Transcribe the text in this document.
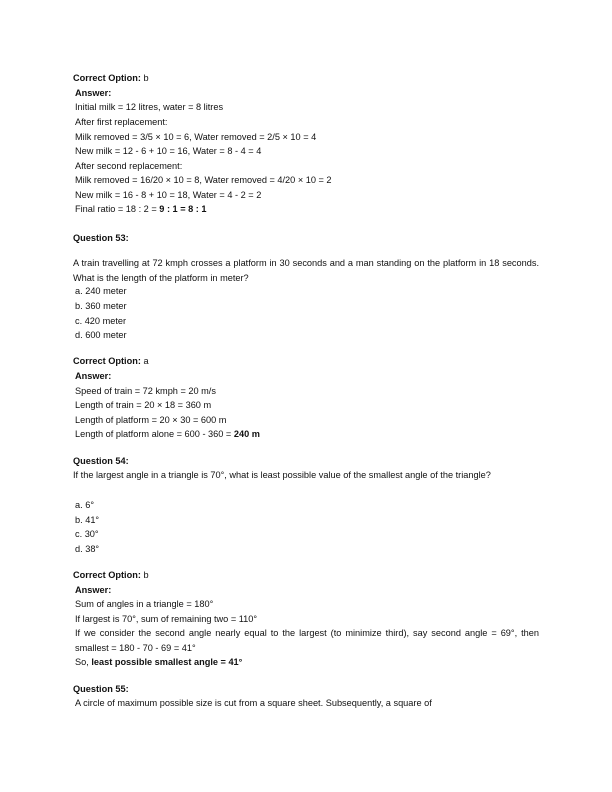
Correct Option: b
Answer:
Initial milk = 12 litres, water = 8 litres
After first replacement:
Milk removed = 3/5 × 10 = 6, Water removed = 2/5 × 10 = 4
New milk = 12 - 6 + 10 = 16, Water = 8 - 4 = 4
After second replacement:
Milk removed = 16/20 × 10 = 8, Water removed = 4/20 × 10 = 2
New milk = 16 - 8 + 10 = 18, Water = 4 - 2 = 2
Final ratio = 18 : 2 = 9 : 1 = 8 : 1
Question 53:
A train travelling at 72 kmph crosses a platform in 30 seconds and a man standing on the platform in 18 seconds. What is the length of the platform in meter?
a. 240 meter
b. 360 meter
c. 420 meter
d. 600 meter
Correct Option: a
Answer:
Speed of train = 72 kmph = 20 m/s
Length of train = 20 × 18 = 360 m
Length of platform = 20 × 30 = 600 m
Length of platform alone = 600 - 360 = 240 m
Question 54:
If the largest angle in a triangle is 70°, what is least possible value of the smallest angle of the triangle?
a. 6°
b. 41°
c. 30°
d. 38°
Correct Option: b
Answer:
Sum of angles in a triangle = 180°
If largest is 70°, sum of remaining two = 110°
If we consider the second angle nearly equal to the largest (to minimize third), say second angle = 69°, then smallest = 180 - 70 - 69 = 41°
So, least possible smallest angle = 41°
Question 55:
A circle of maximum possible size is cut from a square sheet. Subsequently, a square of
